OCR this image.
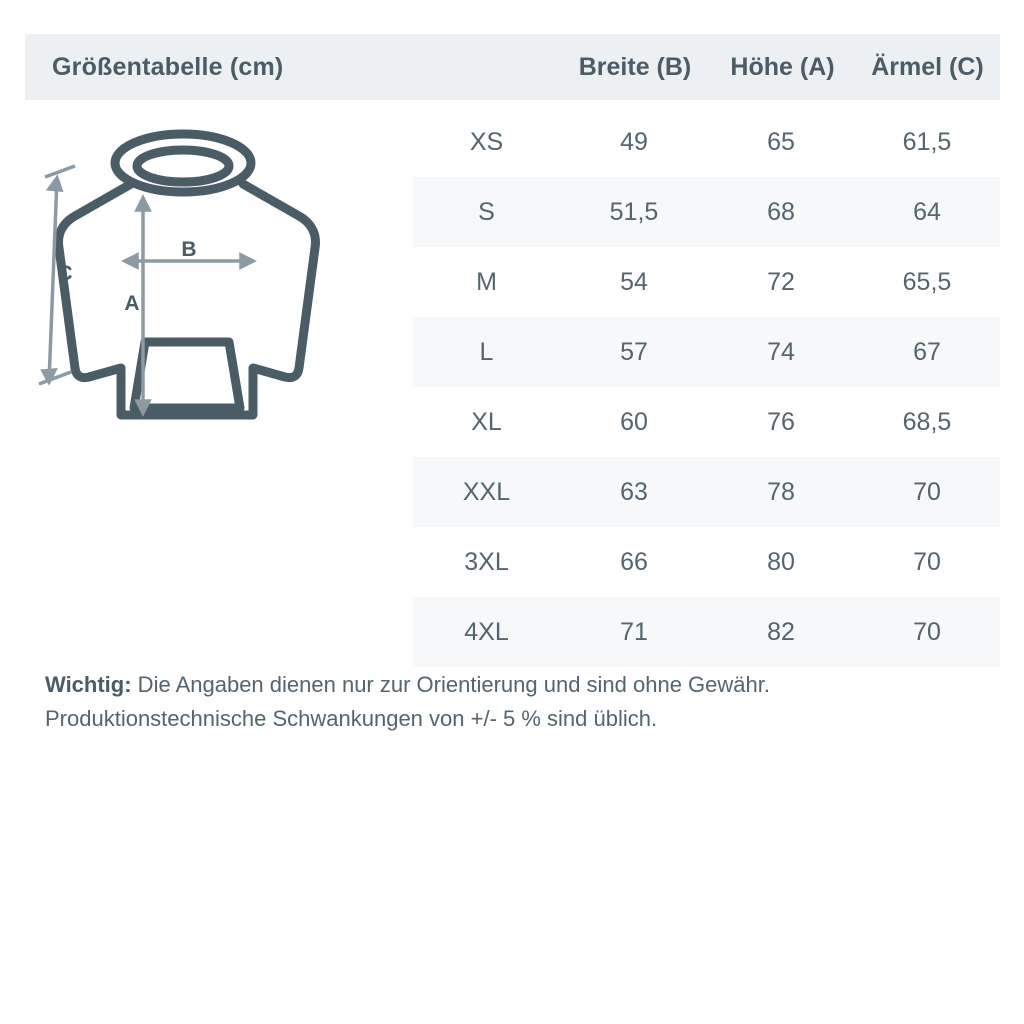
Größentabelle (cm)	Breite (B)	Höhe (A)	Ärmel (C)
XS	49	65	61,5
S	51,5	68	64
M	54	72	65,5
L	57	74	67
XL	60	76	68,5
XXL	63	78	70
3XL	66	80	70
4XL	71	82	70
Wichtig: Die Angaben dienen nur zur Orientierung und sind ohne Gewähr. Produktionstechnische Schwankungen von +/- 5 % sind üblich.
B
A
C
